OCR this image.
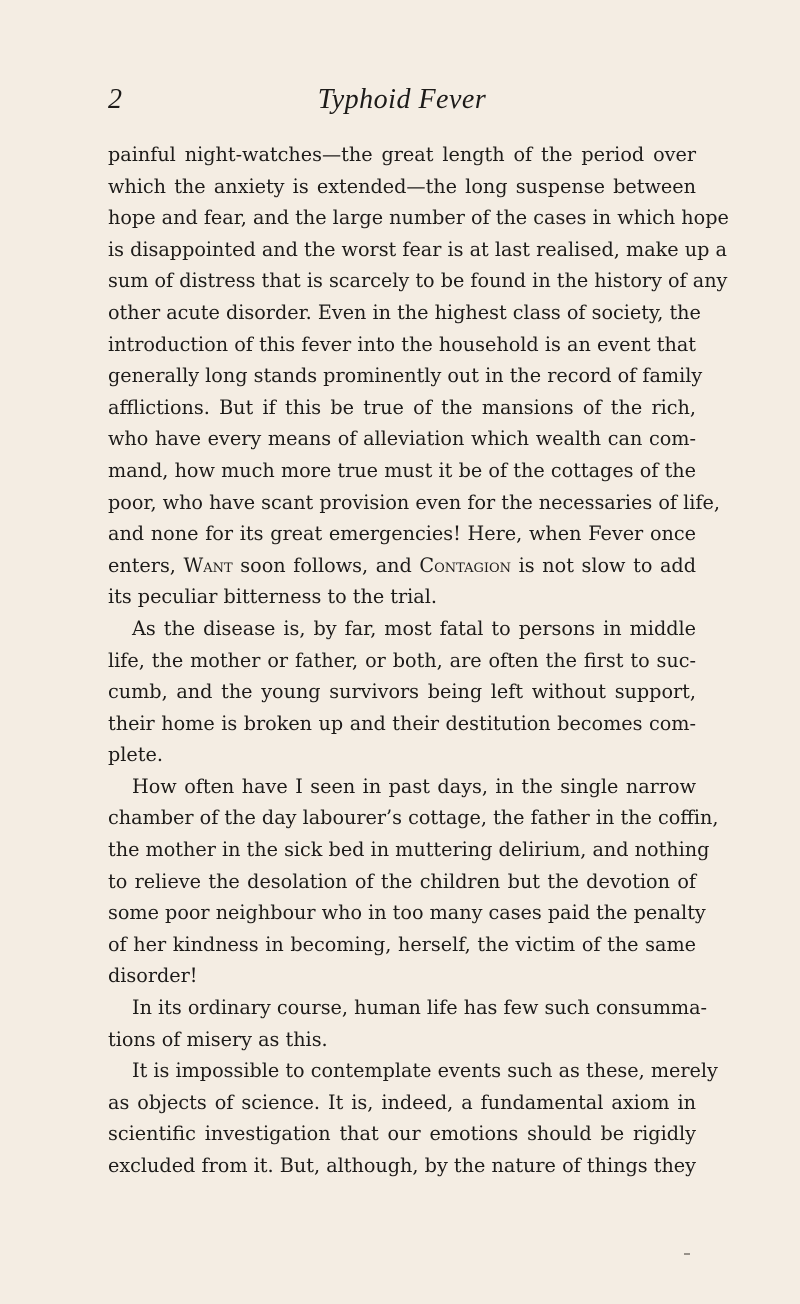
2	Typhoid Fever
painful night-watches—the great length of the period over
which the anxiety is extended—the long suspense between
hope and fear, and the large number of the cases in which hope
is disappointed and the worst fear is at last realised, make up a
sum of distress that is scarcely to be found in the history of any
other acute disorder. Even in the highest class of society, the
introduction of this fever into the household is an event that
generally long stands prominently out in the record of family
afflictions. But if this be true of the mansions of the rich,
who have every means of alleviation which wealth can com-
mand, how much more true must it be of the cottages of the
poor, who have scant provision even for the necessaries of life,
and none for its great emergencies! Here, when Fever once
enters, Want soon follows, and Contagion is not slow to add
its peculiar bitterness to the trial.
As the disease is, by far, most fatal to persons in middle
life, the mother or father, or both, are often the first to suc-
cumb, and the young survivors being left without support,
their home is broken up and their destitution becomes com-
plete.
How often have I seen in past days, in the single narrow
chamber of the day labourer’s cottage, the father in the coffin,
the mother in the sick bed in muttering delirium, and nothing
to relieve the desolation of the children but the devotion of
some poor neighbour who in too many cases paid the penalty
of her kindness in becoming, herself, the victim of the same
disorder!
In its ordinary course, human life has few such consumma-
tions of misery as this.
It is impossible to contemplate events such as these, merely
as objects of science. It is, indeed, a fundamental axiom in
scientific investigation that our emotions should be rigidly
excluded from it. But, although, by the nature of things they
